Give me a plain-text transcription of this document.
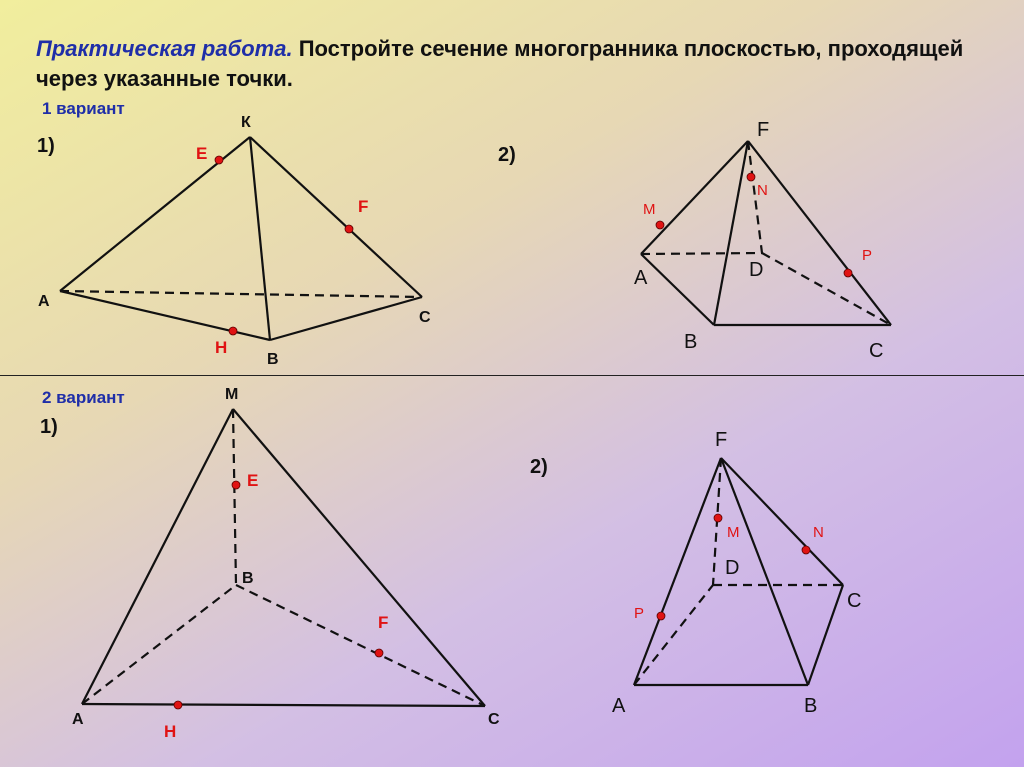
Практическая работа. Постройте сечение многогранника плоскостью, проходящей через указанные точки.
1 вариант
1)	2)
2 вариант
1)
2)
К
А
В
С
Е
F
Н
F
A
B	C
D
M
N
P
М
А
В
С
Е
F
Н
F
A	B
C
D
M	N
P
